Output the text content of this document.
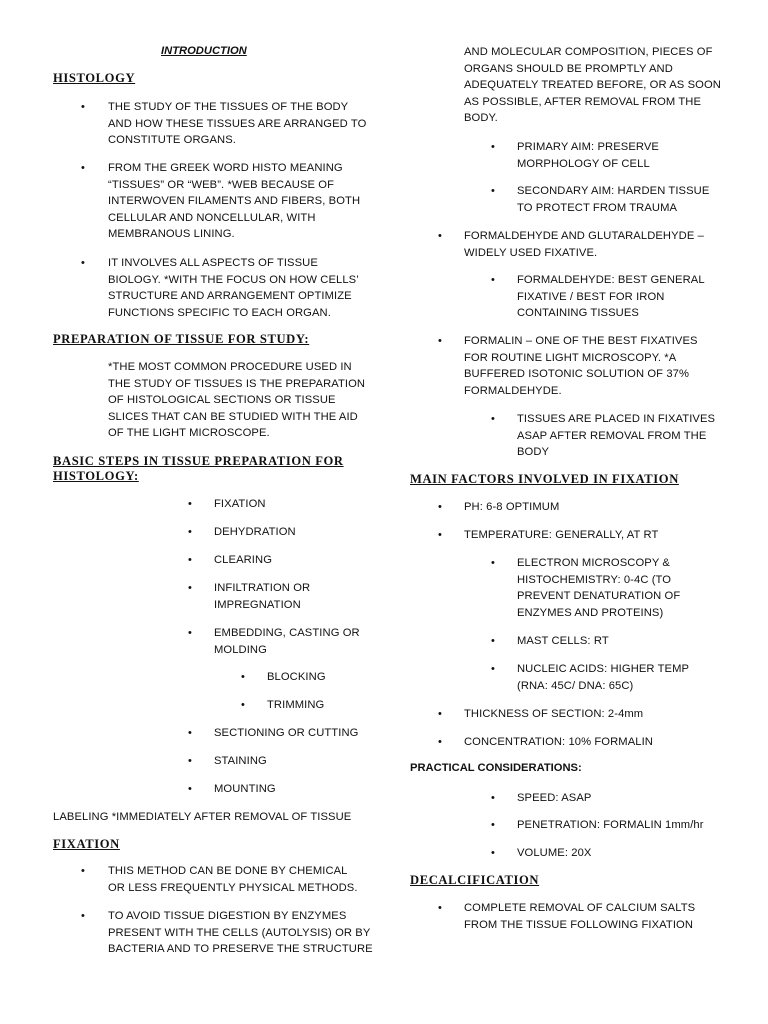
INTRODUCTION
HISTOLOGY
• THE STUDY OF THE TISSUES OF THE BODY
AND HOW THESE TISSUES ARE ARRANGED TO
CONSTITUTE ORGANS.
• FROM THE GREEK WORD HISTO MEANING
“TISSUES” OR “WEB”. *WEB BECAUSE OF
INTERWOVEN FILAMENTS AND FIBERS, BOTH
CELLULAR AND NONCELLULAR, WITH
MEMBRANOUS LINING.
• IT INVOLVES ALL ASPECTS OF TISSUE
BIOLOGY. *WITH THE FOCUS ON HOW CELLS’
STRUCTURE AND ARRANGEMENT OPTIMIZE
FUNCTIONS SPECIFIC TO EACH ORGAN.
PREPARATION OF TISSUE FOR STUDY:
*THE MOST COMMON PROCEDURE USED IN
THE STUDY OF TISSUES IS THE PREPARATION
OF HISTOLOGICAL SECTIONS OR TISSUE
SLICES THAT CAN BE STUDIED WITH THE AID
OF THE LIGHT MICROSCOPE.
BASIC STEPS IN TISSUE PREPARATION FOR
HISTOLOGY:
• FIXATION
• DEHYDRATION
• CLEARING
• INFILTRATION OR
IMPREGNATION
• EMBEDDING, CASTING OR
MOLDING
• BLOCKING
• TRIMMING
• SECTIONING OR CUTTING
• STAINING
• MOUNTING
LABELING *IMMEDIATELY AFTER REMOVAL OF TISSUE
FIXATION
• THIS METHOD CAN BE DONE BY CHEMICAL
OR LESS FREQUENTLY PHYSICAL METHODS.
• TO AVOID TISSUE DIGESTION BY ENZYMES
PRESENT WITH THE CELLS (AUTOLYSIS) OR BY
BACTERIA AND TO PRESERVE THE STRUCTURE
AND MOLECULAR COMPOSITION, PIECES OF
ORGANS SHOULD BE PROMPTLY AND
ADEQUATELY TREATED BEFORE, OR AS SOON
AS POSSIBLE, AFTER REMOVAL FROM THE
BODY.
• PRIMARY AIM: PRESERVE
MORPHOLOGY OF CELL
• SECONDARY AIM: HARDEN TISSUE
TO PROTECT FROM TRAUMA
• FORMALDEHYDE AND GLUTARALDEHYDE –
WIDELY USED FIXATIVE.
• FORMALDEHYDE: BEST GENERAL
FIXATIVE / BEST FOR IRON
CONTAINING TISSUES
• FORMALIN – ONE OF THE BEST FIXATIVES
FOR ROUTINE LIGHT MICROSCOPY. *A
BUFFERED ISOTONIC SOLUTION OF 37%
FORMALDEHYDE.
• TISSUES ARE PLACED IN FIXATIVES
ASAP AFTER REMOVAL FROM THE
BODY
MAIN FACTORS INVOLVED IN FIXATION
• PH: 6-8 OPTIMUM
• TEMPERATURE: GENERALLY, AT RT
• ELECTRON MICROSCOPY &
HISTOCHEMISTRY: 0-4C (TO
PREVENT DENATURATION OF
ENZYMES AND PROTEINS)
• MAST CELLS: RT
• NUCLEIC ACIDS: HIGHER TEMP
(RNA: 45C/ DNA: 65C)
• THICKNESS OF SECTION: 2-4mm
• CONCENTRATION: 10% FORMALIN
PRACTICAL CONSIDERATIONS:
• SPEED: ASAP
• PENETRATION: FORMALIN 1mm/hr
• VOLUME: 20X
DECALCIFICATION
• COMPLETE REMOVAL OF CALCIUM SALTS
FROM THE TISSUE FOLLOWING FIXATION
